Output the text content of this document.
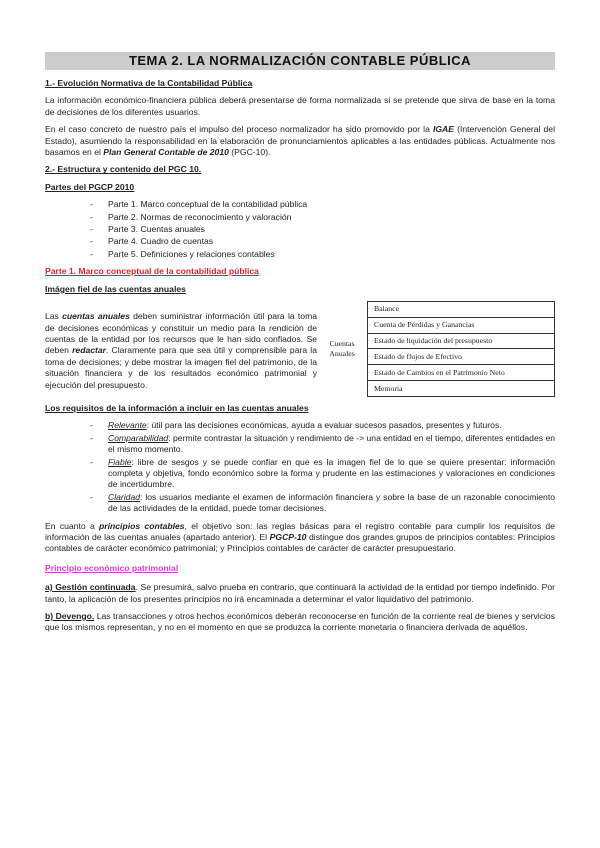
TEMA 2. LA NORMALIZACIÓN CONTABLE PÚBLICA
1.- Evolución Normativa de la Contabilidad Pública

La información económico-financiera pública deberá presentarse de forma normalizada si se pretende que sirva de base en la toma de decisiones de los diferentes usuarios.

En el caso concreto de nuestro país el impulso del proceso normalizador ha sido promovido por la IGAE (Intervención General del Estado), asumiendo la responsabilidad en la elaboración de pronunciamientos aplicables a las entidades públicas. Actualmente nos basamos en el Plan General Contable de 2010 (PGC-10).

2.- Estructura y contenido del PGC 10.
Partes del PGCP 2010
- Parte 1. Marco conceptual de la contabilidad pública
- Parte 2. Normas de reconocimiento y valoración
- Parte 3. Cuentas anuales
- Parte 4. Cuadro de cuentas
- Parte 5. Definiciones y relaciones contables
Parte 1. Marco conceptual de la contabilidad pública
Imágen fiel de las cuentas anuales

Las cuentas anuales deben suministrar información útil para la toma de decisiones económicas y constituir un medio para la rendición de cuentas de la entidad por los recursos que le han sido confiados. Se deben redactar. Claramente para que sea útil y comprensible para la toma de decisiones; y debe mostrar la imagen fiel del patrimonio, de la situación financiera y de los resultados económico patrimonial y ejecución del presupuesto.

Cuentas Anuales
Balance
Cuenta de Pérdidas y Ganancias
Estado de liquidación del presupuesto
Estado de flujos de Efectivo
Estado de Cambios en el Patrimonio Neto
Memoria
Los requisitos de la información a incluir en las cuentas anuales
- Relevante: útil para las decisiones económicas, ayuda a evaluar sucesos pasados, presentes y futuros.
- Comparabilidad: permite contrastar la situación y rendimiento de -> una entidad en el tiempo, diferentes entidades en el mismo momento.
- Fiable: libre de sesgos y se puede confiar en que es la imagen fiel de lo que se quiere presentar: información completa y objetiva, fondo económico sobre la forma y prudente en las estimaciones y valoraciones en condiciones de incertidumbre.
- Claridad: los usuarios mediante el examen de información financiera y sobre la base de un razonable conocimiento de las actividades de la entidad, puede tomar decisiones.

En cuanto a principios contables, el objetivo son: las reglas básicas para el registro contable para cumplir los requisitos de información de las cuentas anuales (apartado anterior). El PGCP-10 distingue dos grandes grupos de principios contables: Principios contables de carácter económico patrimonial; y Principios contables de carácter de carácter presupuestario.

Principio económico patrimonial

a) Gestión continuada. Se presumirá, salvo prueba en contrario, que continuará la actividad de la entidad por tiempo indefinido. Por tanto, la aplicación de los presentes principios no irá encaminada a determinar el valor liquidativo del patrimonio.

b) Devengo. Las transacciones y otros hechos económicos deberán reconocerse en función de la corriente real de bienes y servicios que los mismos representan, y no en el momento en que se produzca la corriente monetaria o financiera derivada de aquéllos.
